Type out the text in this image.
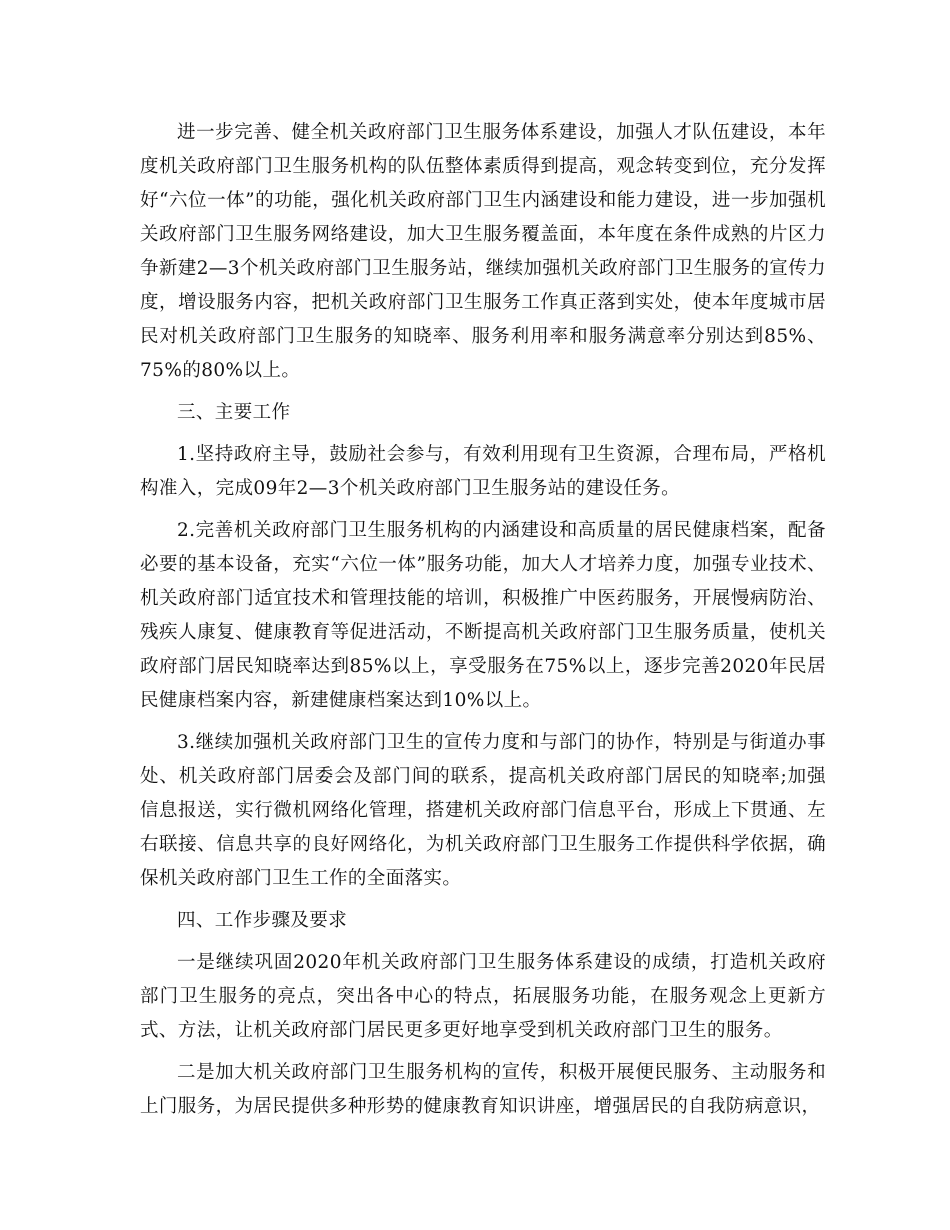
进一步完善、健全机关政府部门卫生服务体系建设，加强人才队伍建设，本年度机关政府部门卫生服务机构的队伍整体素质得到提高，观念转变到位，充分发挥好“六位一体”的功能，强化机关政府部门卫生内涵建设和能力建设，进一步加强机关政府部门卫生服务网络建设，加大卫生服务覆盖面，本年度在条件成熟的片区力争新建2—3个机关政府部门卫生服务站，继续加强机关政府部门卫生服务的宣传力度，增设服务内容，把机关政府部门卫生服务工作真正落到实处，使本年度城市居民对机关政府部门卫生服务的知晓率、服务利用率和服务满意率分别达到85%、75%的80%以上。

三、主要工作

1.坚持政府主导，鼓励社会参与，有效利用现有卫生资源，合理布局，严格机构准入，完成09年2—3个机关政府部门卫生服务站的建设任务。

2.完善机关政府部门卫生服务机构的内涵建设和高质量的居民健康档案，配备必要的基本设备，充实“六位一体”服务功能，加大人才培养力度，加强专业技术、机关政府部门适宜技术和管理技能的培训，积极推广中医药服务，开展慢病防治、残疾人康复、健康教育等促进活动，不断提高机关政府部门卫生服务质量，使机关政府部门居民知晓率达到85%以上，享受服务在75%以上，逐步完善2020年民居民健康档案内容，新建健康档案达到10%以上。

3.继续加强机关政府部门卫生的宣传力度和与部门的协作，特别是与街道办事处、机关政府部门居委会及部门间的联系，提高机关政府部门居民的知晓率;加强信息报送，实行微机网络化管理，搭建机关政府部门信息平台，形成上下贯通、左右联接、信息共享的良好网络化，为机关政府部门卫生服务工作提供科学依据，确保机关政府部门卫生工作的全面落实。

四、工作步骤及要求

一是继续巩固2020年机关政府部门卫生服务体系建设的成绩，打造机关政府部门卫生服务的亮点，突出各中心的特点，拓展服务功能，在服务观念上更新方式、方法，让机关政府部门居民更多更好地享受到机关政府部门卫生的服务。

二是加大机关政府部门卫生服务机构的宣传，积极开展便民服务、主动服务和上门服务，为居民提供多种形势的健康教育知识讲座，增强居民的自我防病意识，
